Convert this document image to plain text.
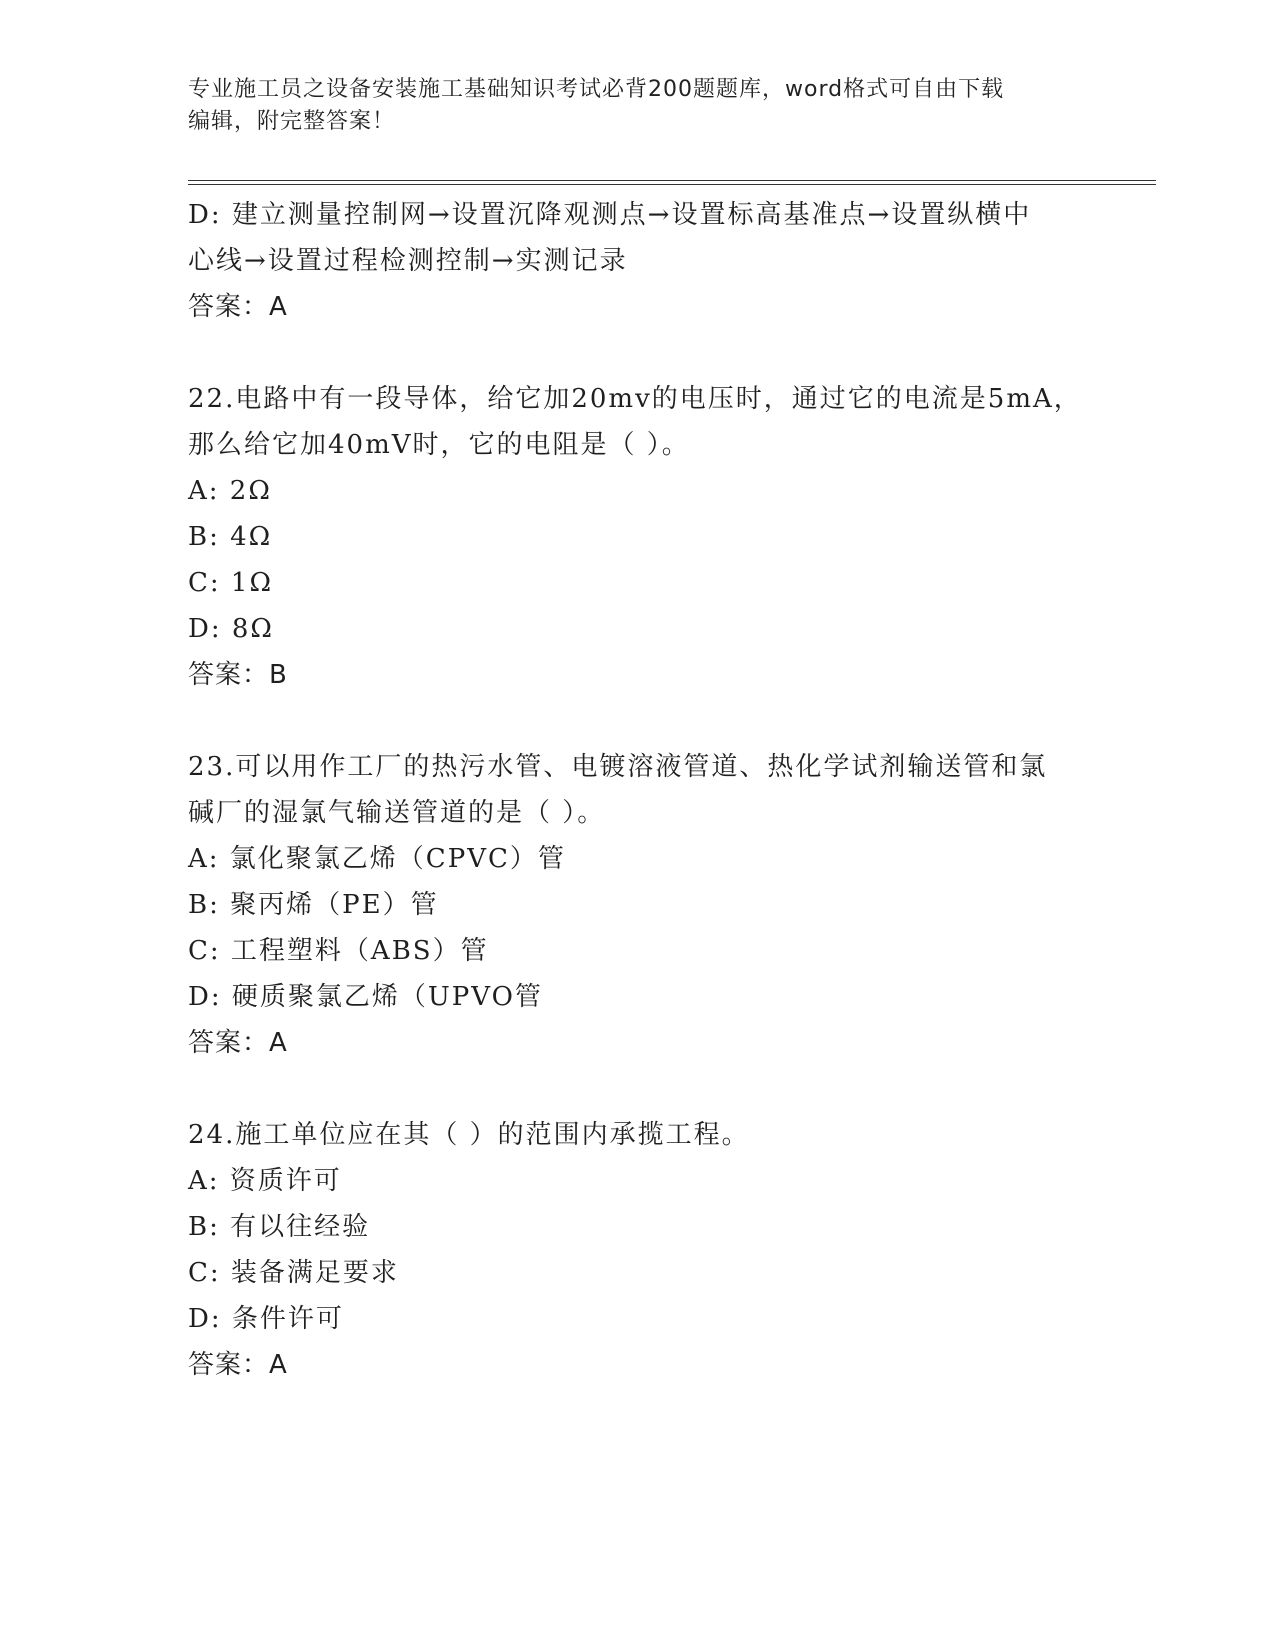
专业施工员之设备安装施工基础知识考试必背200题题库，word格式可自由下载
编辑，附完整答案！
D: 建立测量控制网→设置沉降观测点→设置标高基准点→设置纵横中
心线→设置过程检测控制→实测记录
答案：A
22.电路中有一段导体，给它加20mv的电压时，通过它的电流是5mA，
那么给它加40mV时，它的电阻是（ ）。
A: 2Ω
B: 4Ω
C: 1Ω
D: 8Ω
答案：B
23.可以用作工厂的热污水管、电镀溶液管道、热化学试剂输送管和氯
碱厂的湿氯气输送管道的是（ ）。
A: 氯化聚氯乙烯（CPVC）管
B: 聚丙烯（PE）管
C: 工程塑料（ABS）管
D: 硬质聚氯乙烯（UPVO管
答案：A
24.施工单位应在其（ ）的范围内承揽工程。
A: 资质许可
B: 有以往经验
C: 装备满足要求
D: 条件许可
答案：A
